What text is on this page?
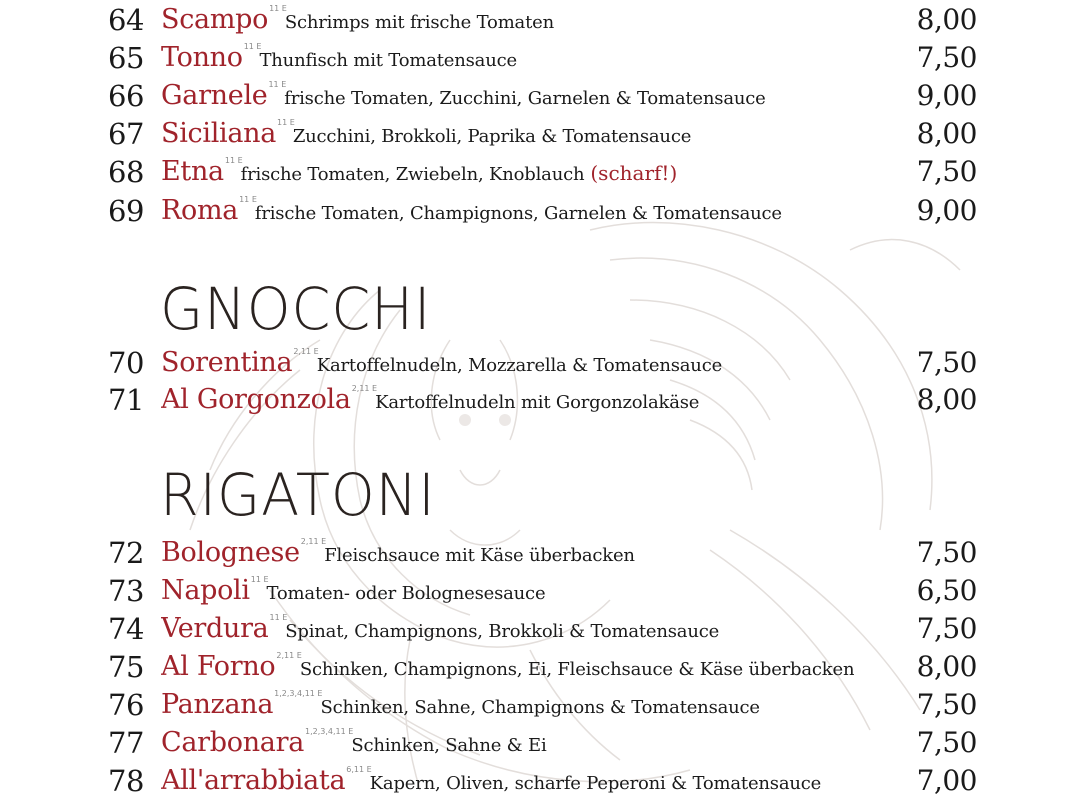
64 Scampo$^{11 E}$Schrimps mit frische Tomaten	8,00
65 Tonno$^{11 E}$Thunfisch mit Tomatensauce	7,50
66 Garnele$^{11 E}$frische Tomaten, Zucchini, Garnelen & Tomatensauce	9,00
67 Siciliana$^{11 E}$Zucchini, Brokkoli, Paprika & Tomatensauce	8,00
68 Etna$^{11 E}$frische Tomaten, Zwiebeln, Knoblauch (scharf!)	7,50
69 Roma$^{11 E}$frische Tomaten, Champignons, Garnelen & Tomatensauce	9,00
GNOCCHI
70 Sorentina$^{2,11 E}$Kartoffelnudeln, Mozzarella & Tomatensauce	7,50
71 Al Gorgonzola$^{2,11 E}$Kartoffelnudeln mit Gorgonzolakäse	8,00
RIGATONI
72 Bolognese$^{2,11 E}$Fleischsauce mit Käse überbacken	7,50
73 Napoli$^{11 E}$Tomaten- oder Bolognesesauce	6,50
74 Verdura$^{11 E}$Spinat, Champignons, Brokkoli & Tomatensauce	7,50
75 Al Forno$^{2,11 E}$Schinken, Champignons, Ei, Fleischsauce & Käse überbacken	8,00
76 Panzana$^{1,2,3,4,11 E}$Schinken, Sahne, Champignons & Tomatensauce	7,50
77 Carbonara$^{1,2,3,4,11 E}$Schinken, Sahne & Ei	7,50
78 All'arrabbiata$^{6,11 E}$Kapern, Oliven, scharfe Peperoni & Tomatensauce	7,00
